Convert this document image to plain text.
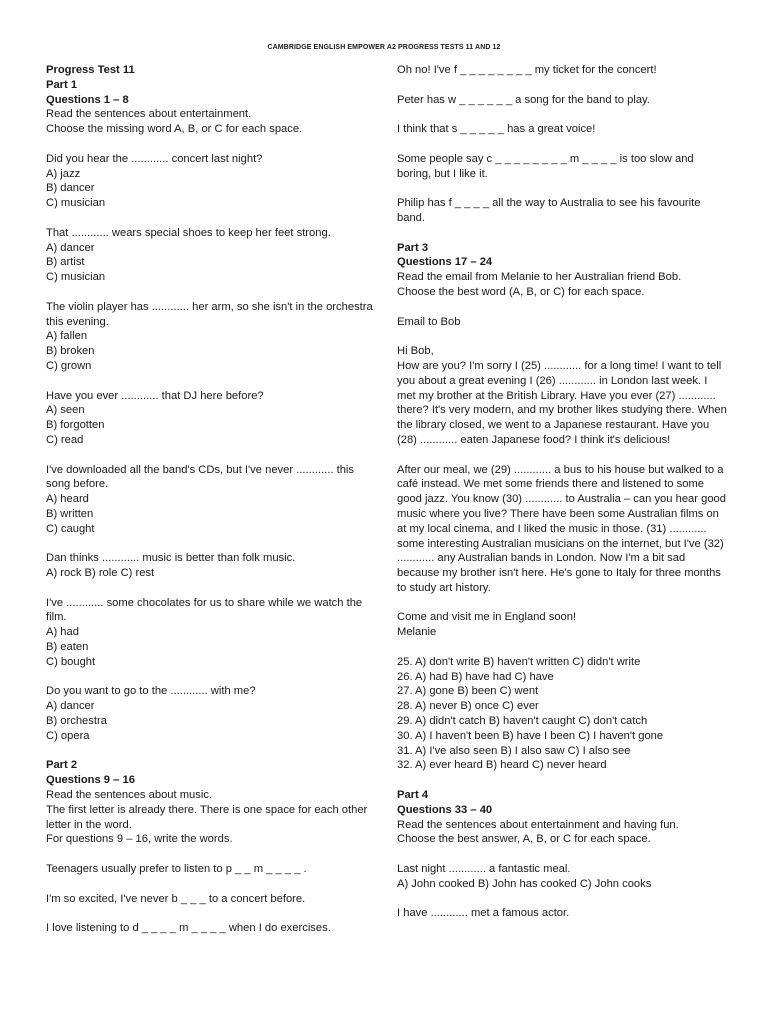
CAMBRIDGE ENGLISH EMPOWER A2 PROGRESS TESTS 11 AND 12
Progress Test 11
Part 1
Questions 1 – 8
Read the sentences about entertainment.
Choose the missing word A, B, or C for each space.
Did you hear the ............ concert last night?
A) jazz
B) dancer
C) musician
That ............ wears special shoes to keep her feet strong.
A) dancer
B) artist
C) musician
The violin player has ............ her arm, so she isn't in the orchestra this evening.
A) fallen
B) broken
C) grown
Have you ever ............ that DJ here before?
A) seen
B) forgotten
C) read
I've downloaded all the band's CDs, but I've never ............ this song before.
A) heard
B) written
C) caught
Dan thinks ............ music is better than folk music.
A) rock B) role C) rest
I've ............ some chocolates for us to share while we watch the film.
A) had
B) eaten
C) bought
Do you want to go to the ............ with me?
A) dancer
B) orchestra
C) opera
Part 2
Questions 9 – 16
Read the sentences about music.
The first letter is already there. There is one space for each other letter in the word.
For questions 9 – 16, write the words.
Teenagers usually prefer to listen to p _ _ m _ _ _ _ .
I'm so excited, I've never b _ _ _ to a concert before.
I love listening to d _ _ _ _ m _ _ _ _ when I do exercises.
Oh no! I've f _ _ _ _ _ _ _ _ my ticket for the concert!
Peter has w _ _ _ _ _ _ a song for the band to play.
I think that s _ _ _ _ _ has a great voice!
Some people say c _ _ _ _ _ _ _ _ m _ _ _ _ is too slow and boring, but I like it.
Philip has f _ _ _ _ all the way to Australia to see his favourite band.
Part 3
Questions 17 – 24
Read the email from Melanie to her Australian friend Bob.
Choose the best word (A, B, or C) for each space.
Email to Bob
Hi Bob,
How are you? I'm sorry I (25) ............ for a long time! I want to tell you about a great evening I (26) ............ in London last week. I met my brother at the British Library. Have you ever (27) ............ there? It's very modern, and my brother likes studying there. When the library closed, we went to a Japanese restaurant. Have you (28) ............ eaten Japanese food? I think it's delicious!
After our meal, we (29) ............ a bus to his house but walked to a café instead. We met some friends there and listened to some good jazz. You know (30) ............ to Australia – can you hear good music where you live? There have been some Australian films on at my local cinema, and I liked the music in those. (31) ............ some interesting Australian musicians on the internet, but I've (32) ............ any Australian bands in London. Now I'm a bit sad because my brother isn't here. He's gone to Italy for three months to study art history.
Come and visit me in England soon!
Melanie
25. A) don't write B) haven't written C) didn't write
26. A) had B) have had C) have
27. A) gone B) been C) went
28. A) never B) once C) ever
29. A) didn't catch B) haven't caught C) don't catch
30. A) I haven't been B) have I been C) I haven't gone
31. A) I've also seen B) I also saw C) I also see
32. A) ever heard B) heard C) never heard
Part 4
Questions 33 – 40
Read the sentences about entertainment and having fun.
Choose the best answer, A, B, or C for each space.
Last night ............ a fantastic meal.
A) John cooked B) John has cooked C) John cooks
I have ............ met a famous actor.
